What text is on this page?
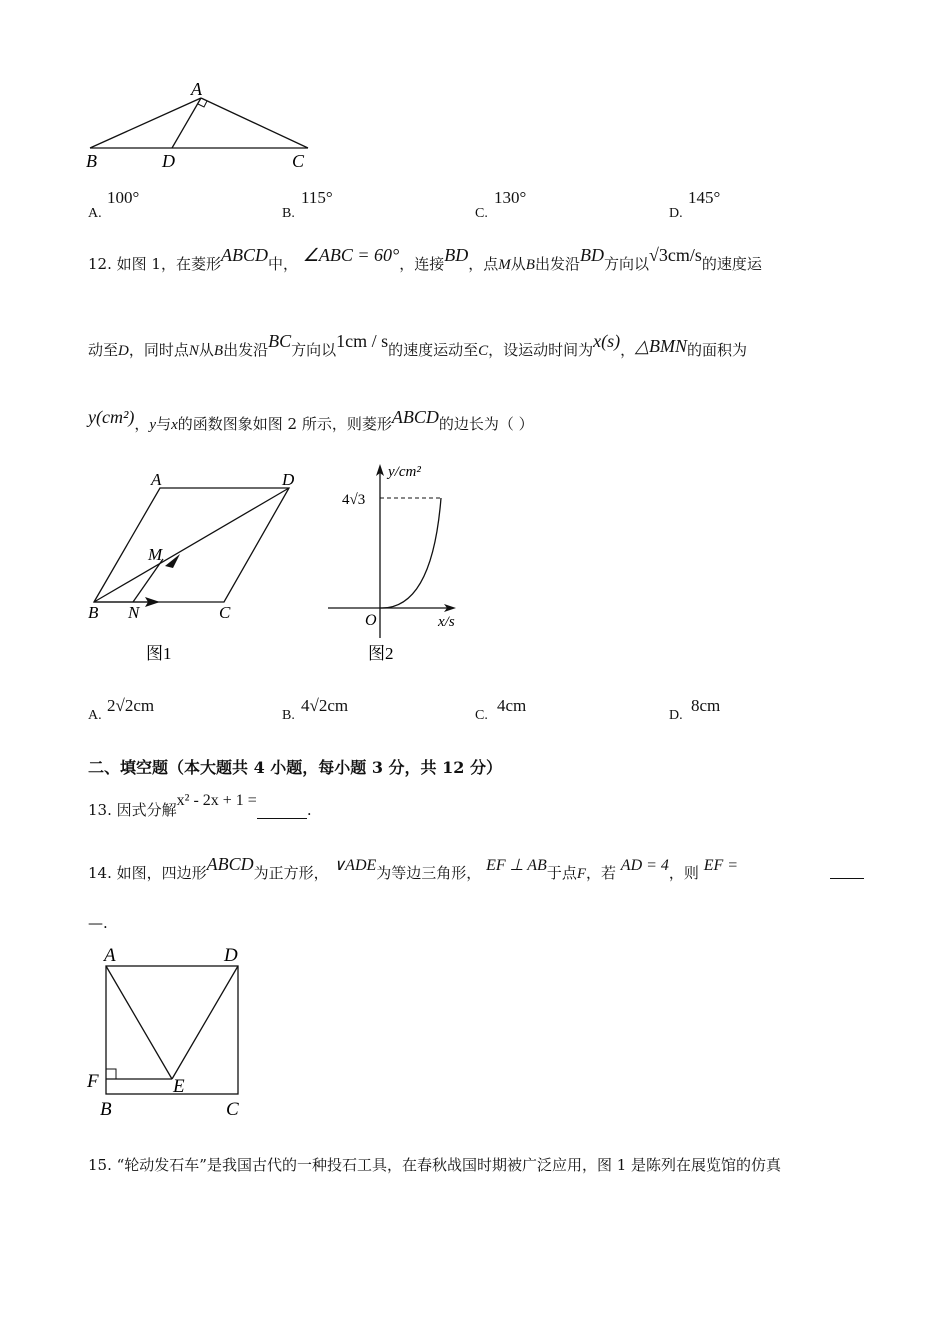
A
B	D	C
A.
100°
B.
115°
C.
130°
D.
145°
12. 如图 1，在菱形ABCD中， ∠ABC = 60°，连接BD，点M从B出发沿BD方向以√3cm/s的速度运
动至D，同时点N从B出发沿BC方向以1cm / s的速度运动至C，设运动时间为x(s)，△BMN的面积为
y(cm²)，y与x的函数图象如图 2 所示，则菱形ABCD的边长为（ ）
A	D
M
B N	C
图1
y/cm²
4√3
O	x/s
图2
A.
2√2cm
B.
4√2cm
C.
4cm
D.
8cm
二、填空题（本大题共 4 小题，每小题 3 分，共 12 分）
13. 因式分解x² - 2x + 1 = .
14. 如图，四边形ABCD为正方形， ∨ADE为等边三角形， EF ⊥ AB于点F，若 AD = 4，则 EF =
—.
A	D
F	E
B	C
15. “轮动发石车”是我国古代的一种投石工具，在春秋战国时期被广泛应用，图 1 是陈列在展览馆的仿真
